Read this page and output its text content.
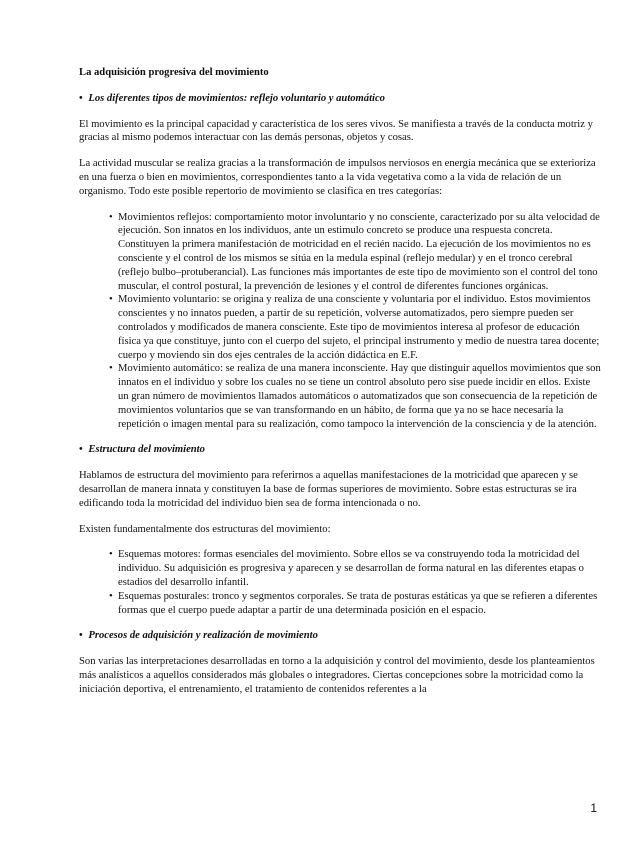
La adquisición progresiva del movimiento
• Los diferentes tipos de movimientos: reflejo voluntario y automático

El movimiento es la principal capacidad y característica de los seres vivos. Se manifiesta a través de la conducta motriz y gracias al mismo podemos interactuar con las demás personas, objetos y cosas.

La actividad muscular se realiza gracias a la transformación de impulsos nerviosos en energía mecánica que se exterioriza en una fuerza o bien en movimientos, correspondientes tanto a la vida vegetativa como a la vida de relación de un organismo. Todo este posible repertorio de movimiento se clasifica en tres categorías:

• Movimientos reflejos: comportamiento motor involuntario y no consciente, caracterizado por su alta velocidad de ejecución. Son innatos en los individuos, ante un estimulo concreto se produce una respuesta concreta. Constituyen la primera manifestación de motricidad en el recién nacido. La ejecución de los movimientos no es consciente y el control de los mismos se sitúa en la medula espinal (reflejo medular) y en el tronco cerebral (reflejo bulbo–protuberancial). Las funciones más importantes de este tipo de movimiento son el control del tono muscular, el control postural, la prevención de lesiones y el control de diferentes funciones orgánicas.
• Movimiento voluntario: se origina y realiza de una consciente y voluntaria por el individuo. Estos movimientos conscientes y no innatos pueden, a partir de su repetición, volverse automatizados, pero siempre pueden ser controlados y modificados de manera consciente. Este tipo de movimientos interesa al profesor de educación física ya que constituye, junto con el cuerpo del sujeto, el principal instrumento y medio de nuestra tarea docente; cuerpo y moviendo sin dos ejes centrales de la acción didáctica en E.F.
• Movimiento automático: se realiza de una manera inconsciente. Hay que distinguir aquellos movimientos que son innatos en el individuo y sobre los cuales no se tiene un control absoluto pero sise puede incidir en ellos. Existe un gran número de movimientos llamados automáticos o automatizados que son consecuencia de la repetición de movimientos voluntarios que se van transformando en un hábito, de forma que ya no se hace necesaria la repetición o imagen mental para su realización, como tampoco la intervención de la consciencia y de la atención.
• Estructura del movimiento

Hablamos de estructura del movimiento para referirnos a aquellas manifestaciones de la motricidad que aparecen y se desarrollan de manera innata y constituyen la base de formas superiores de movimiento. Sobre estas estructuras se ira edificando toda la motricidad del individuo bien sea de forma intencionada o no.

Existen fundamentalmente dos estructuras del movimiento:

• Esquemas motores: formas esenciales del movimiento. Sobre ellos se va construyendo toda la motricidad del individuo. Su adquisición es progresiva y aparecen y se desarrollan de forma natural en las diferentes etapas o estadios del desarrollo infantil.
• Esquemas posturales: tronco y segmentos corporales. Se trata de posturas estáticas ya que se refieren a diferentes formas que el cuerpo puede adaptar a partir de una determinada posición en el espacio.
• Procesos de adquisición y realización de movimiento

Son varias las interpretaciones desarrolladas en torno a la adquisición y control del movimiento, desde los planteamientos más analísticos a aquellos considerados más globales o integradores. Ciertas concepciones sobre la motricidad como la iniciación deportiva, el entrenamiento, el tratamiento de contenidos referentes a la

1
